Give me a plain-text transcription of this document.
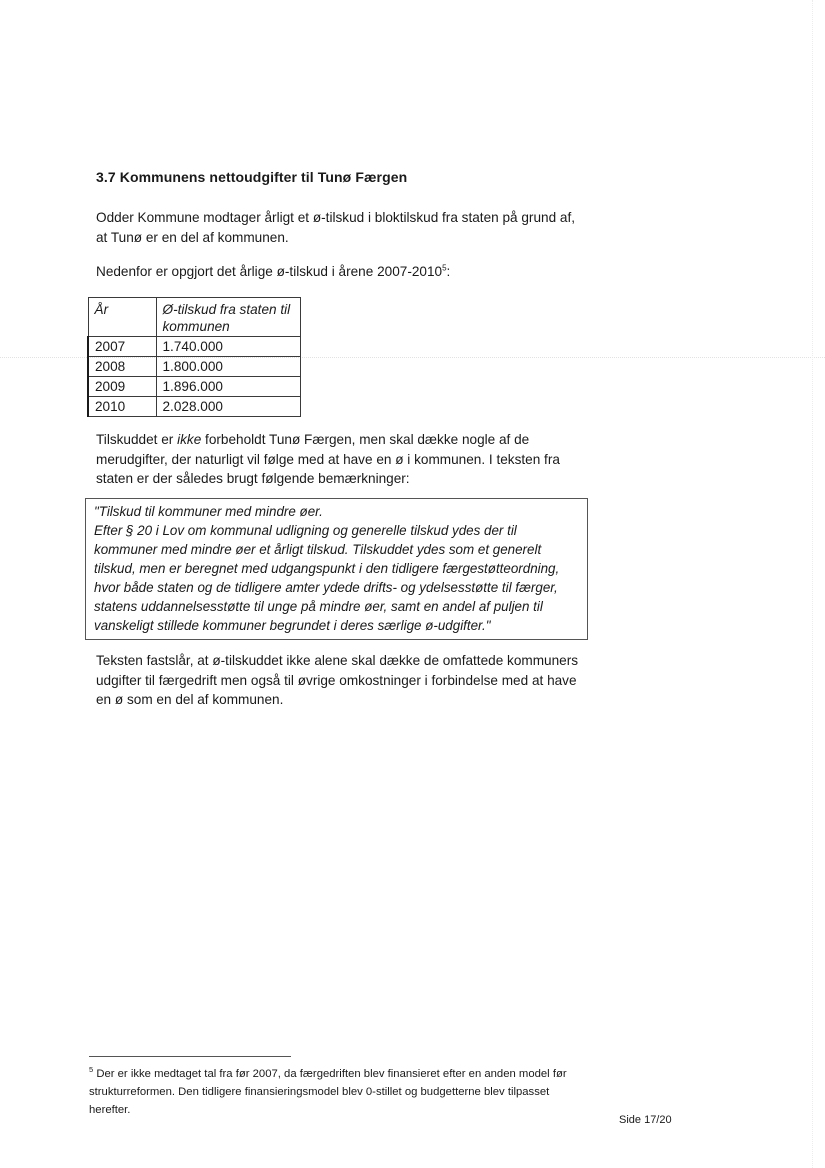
3.7 Kommunens nettoudgifter til Tunø Færgen
Odder Kommune modtager årligt et ø-tilskud i bloktilskud fra staten på grund af, at Tunø er en del af kommunen.
Nedenfor er opgjort det årlige ø-tilskud i årene 2007-2010$^5$:
År	Ø-tilskud fra staten til kommunen
2007	1.740.000
2008	1.800.000
2009	1.896.000
2010	2.028.000
Tilskuddet er ikke forbeholdt Tunø Færgen, men skal dække nogle af de merudgifter, der naturligt vil følge med at have en ø i kommunen. I teksten fra staten er der således brugt følgende bemærkninger:
"Tilskud til kommuner med mindre øer.
Efter § 20 i Lov om kommunal udligning og generelle tilskud ydes der til kommuner med mindre øer et årligt tilskud. Tilskuddet ydes som et generelt tilskud, men er beregnet med udgangspunkt i den tidligere færgestøtteordning, hvor både staten og de tidligere amter ydede drifts- og ydelsesstøtte til færger, statens uddannelsesstøtte til unge på mindre øer, samt en andel af puljen til vanskeligt stillede kommuner begrundet i deres særlige ø-udgifter."
Teksten fastslår, at ø-tilskuddet ikke alene skal dække de omfattede kommuners udgifter til færgedrift men også til øvrige omkostninger i forbindelse med at have en ø som en del af kommunen.
$^5$ Der er ikke medtaget tal fra før 2007, da færgedriften blev finansieret efter en anden model før strukturreformen. Den tidligere finansieringsmodel blev 0-stillet og budgetterne blev tilpasset herefter.
Side 17/20
